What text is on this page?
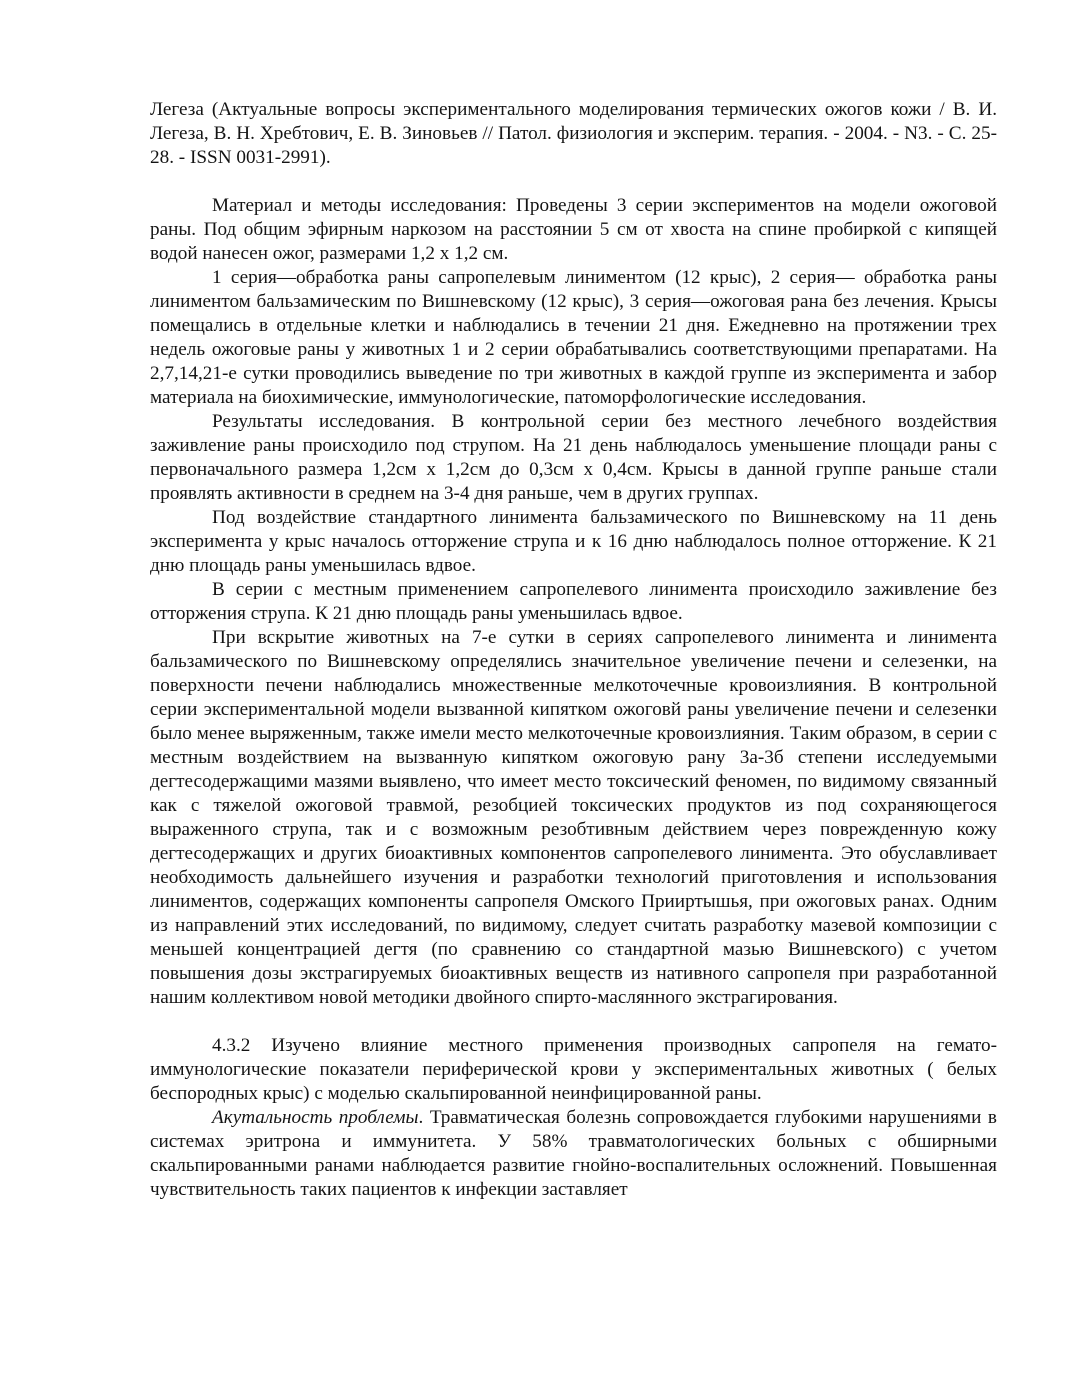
Легеза (Актуальные вопросы экспериментального моделирования термических ожогов кожи / В. И. Легеза, В. Н. Хребтович, Е. В. Зиновьев // Патол. физиология и эксперим. терапия. - 2004. - N3. - С. 25-28. - ISSN 0031-2991).

Материал и методы исследования: Проведены 3 серии экспериментов на модели ожоговой раны. Под общим эфирным наркозом на расстоянии 5 см от хвоста на спине пробиркой с кипящей водой нанесен ожог, размерами 1,2 x 1,2 см.

1 серия—обработка раны сапропелевым линиментом (12 крыс), 2 серия— обработка раны линиментом бальзамическим по Вишневскому (12 крыс), 3 серия—ожоговая рана без лечения. Крысы помещались в отдельные клетки и наблюдались в течении 21 дня. Ежедневно на протяжении трех недель ожоговые раны у животных 1 и 2 серии обрабатывались соответствующими препаратами. На 2,7,14,21-е сутки проводились выведение по три животных в каждой группе из эксперимента и забор материала на биохимические, иммунологические, патоморфологические исследования.

Результаты исследования. В контрольной серии без местного лечебного воздействия заживление раны происходило под струпом. На 21 день наблюдалось уменьшение площади раны с первоначального размера 1,2см x 1,2см до 0,3см x 0,4см. Крысы в данной группе раньше стали проявлять активности в среднем на 3-4 дня раньше, чем в других группах.

Под воздействие стандартного линимента бальзамического по Вишневскому на 11 день эксперимента у крыс началось отторжение струпа и к 16 дню наблюдалось полное отторжение. К 21 дню площадь раны уменьшилась вдвое.

В серии с местным применением сапропелевого линимента происходило заживление без отторжения струпа. К 21 дню площадь раны уменьшилась вдвое.

При вскрытие животных на 7-е сутки в сериях сапропелевого линимента и линимента бальзамического по Вишневскому определялись значительное увеличение печени и селезенки, на поверхности печени наблюдались множественные мелкоточечные кровоизлияния. В контрольной серии экспериментальной модели вызванной кипятком ожоговй раны увеличение печени и селезенки было менее выряженным, также имели место мелкоточечные кровоизлияния. Таким образом, в серии с местным воздействием на вызванную кипятком ожоговую рану 3а-3б степени исследуемыми дегтесодержащими мазями выявлено, что имеет место токсический феномен, по видимому связанный как с тяжелой ожоговой травмой, резобцией токсических продуктов из под сохраняющегося выраженного струпа, так и с возможным резобтивным действием через поврежденную кожу дегтесодержащих и других биоактивных компонентов сапропелевого линимента. Это обуславливает необходимость дальнейшего изучения и разработки технологий приготовления и использования линиментов, содержащих компоненты сапропеля Омского Прииртышья, при ожоговых ранах. Одним из направлений этих исследований, по видимому, следует считать разработку мазевой композиции с меньшей концентрацией дегтя (по сравнению со стандартной мазью Вишневского) с учетом повышения дозы экстрагируемых биоактивных веществ из нативного сапропеля при разработанной нашим коллективом новой методики двойного спирто-маслянного экстрагирования.

4.3.2 Изучено влияние местного применения производных сапропеля на гемато-иммунологические показатели периферической крови у экспериментальных животных ( белых беспородных крыс) с моделью скальпированной неинфицированной раны.

Акутальность проблемы. Травматическая болезнь сопровождается глубокими нарушениями в системах эритрона и иммунитета. У 58% травматологических больных с обширными скальпированными ранами наблюдается развитие гнойно-воспалительных осложнений. Повышенная чувствительность таких пациентов к инфекции заставляет
